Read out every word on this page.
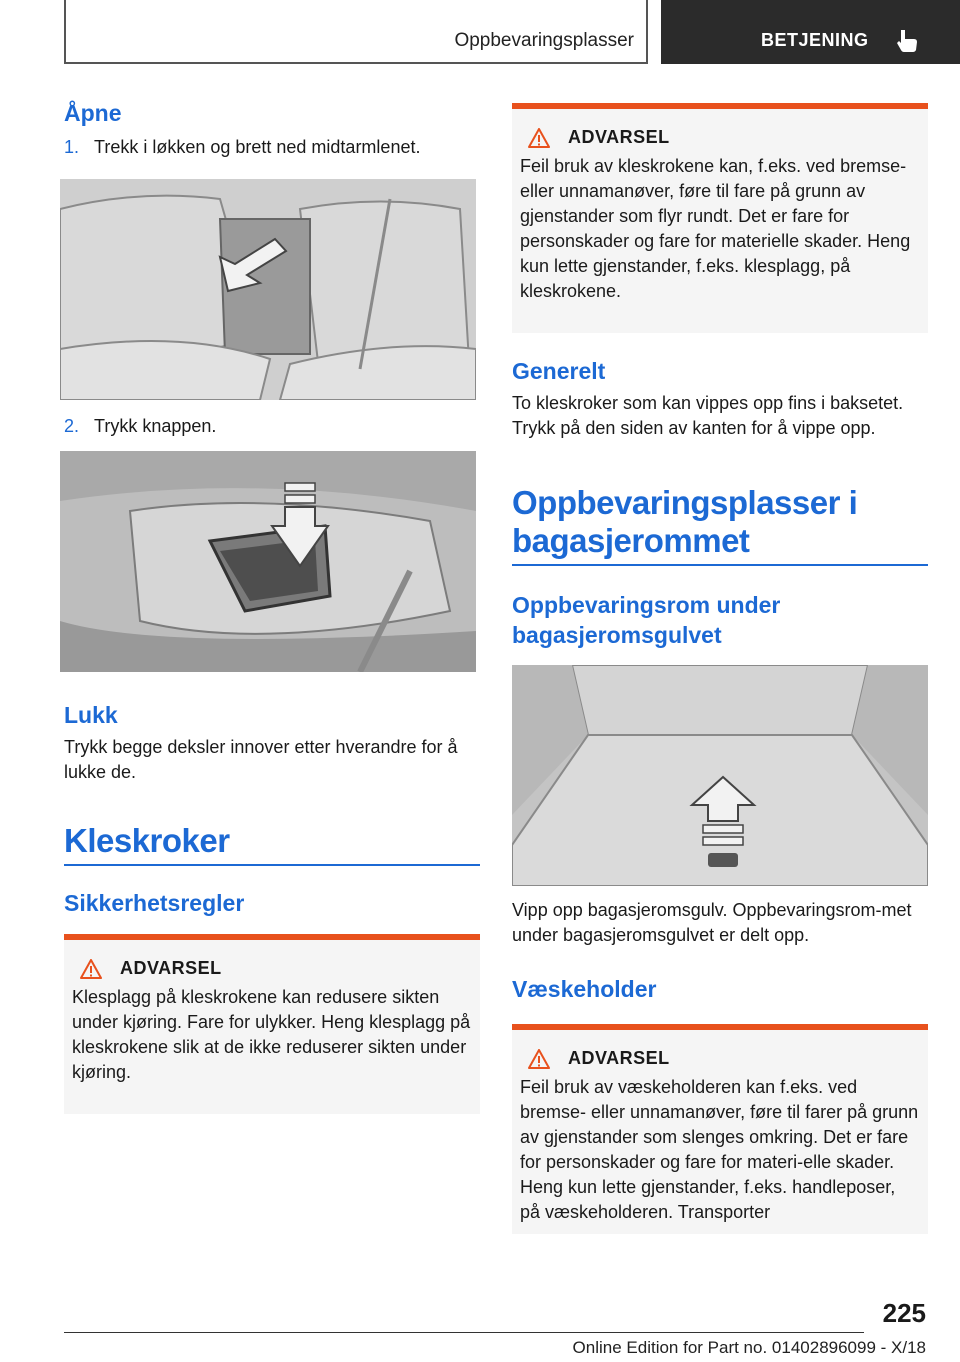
Oppbevaringsplasser	BETJENING
Åpne
1. Trekk i løkken og brett ned midtarmlenet.
2. Trykk knappen.
Lukk

Trykk begge deksler innover etter hverandre for å lukke de.

Kleskroker
Sikkerhetsregler
ADVARSEL

Klesplagg på kleskrokene kan redusere sikten under kjøring. Fare for ulykker. Heng klesplagg på kleskrokene slik at de ikke reduserer sikten under kjøring.

ADVARSEL

Feil bruk av kleskrokene kan, f.eks. ved bremse- eller unnamanøver, føre til fare på grunn av gjenstander som flyr rundt. Det er fare for personskader og fare for materielle skader. Heng kun lette gjenstander, f.eks. klesplagg, på kleskrokene.

Generelt

To kleskroker som kan vippes opp fins i baksetet. Trykk på den siden av kanten for å vippe opp.

Oppbevaringsplasser i bagasjerommet
Oppbevaringsrom under bagasjeromsgulvet

Vipp opp bagasjeromsgulv. Oppbevaringsrom-met under bagasjeromsgulvet er delt opp.

Væskeholder
ADVARSEL

Feil bruk av væskeholderen kan f.eks. ved bremse- eller unnamanøver, føre til farer på grunn av gjenstander som slenges omkring. Det er fare for personskader og fare for materi-elle skader. Heng kun lette gjenstander, f.eks. handleposer, på væskeholderen. Transporter

225
Online Edition for Part no. 01402896099 - X/18
